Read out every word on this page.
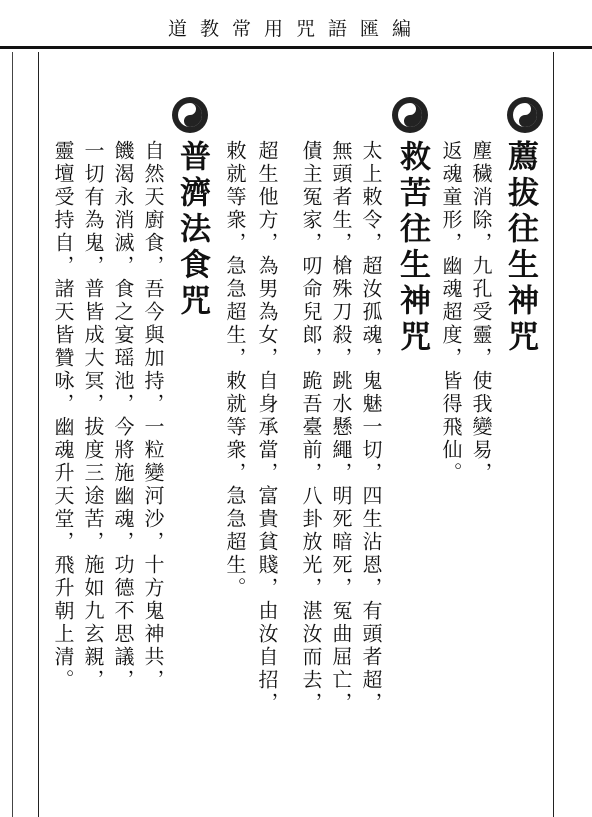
道教常用咒語匯編
薦拔往生神咒
塵穢消除，九孔受靈，使我變易，
返魂童形，幽魂超度，皆得飛仙。
救苦往生神咒
太上敕令，超汝孤魂，鬼魅一切，四生沾恩，有頭者超，
無頭者生，槍殊刀殺，跳水懸繩，明死暗死，冤曲屈亡，
債主冤家，叨命兒郎，跪吾臺前，八卦放光，湛汝而去，
超生他方，為男為女，自身承當，富貴貧賤，由汝自招，
敕就等衆，急急超生，敕就等衆，急急超生。
普濟法食咒
自然天廚食，吾今與加持，一粒變河沙，十方鬼神共，
饑渴永消滅，食之宴瑶池，今將施幽魂，功德不思議，
一切有為鬼，普皆成大冥，拔度三途苦，施如九玄親，
靈壇受持自，諸天皆贊咏，幽魂升天堂，飛升朝上清。
